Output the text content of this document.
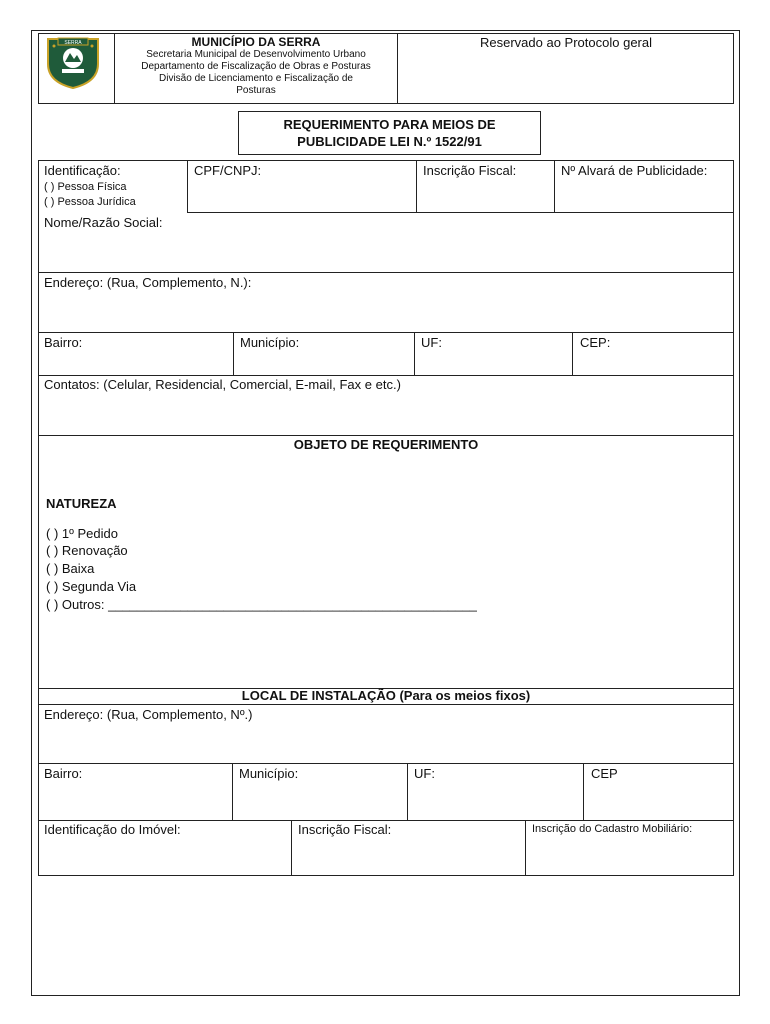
SERRA	MUNICÍPIO DA SERRA
Secretaria Municipal de Desenvolvimento Urbano
Departamento de Fiscalização de Obras e Posturas
Divisão de Licenciamento e Fiscalização de
Posturas
Reservado ao Protocolo geral
REQUERIMENTO PARA MEIOS DE
PUBLICIDADE LEI N.º 1522/91
Identificação:
( ) Pessoa Física
( ) Pessoa Jurídica
CPF/CNPJ:	Inscrição Fiscal:	Nº Alvará de Publicidade:
Nome/Razão Social:
Endereço: (Rua, Complemento, N.):
Bairro:	Município:	UF:	CEP:
Contatos: (Celular, Residencial, Comercial, E-mail, Fax e etc.)
OBJETO DE REQUERIMENTO
NATUREZA
( ) 1º Pedido
( ) Renovação
( ) Baixa
( ) Segunda Via
( ) Outros: ___________________________________________________
LOCAL DE INSTALAÇÃO (Para os meios fixos)
Endereço: (Rua, Complemento, Nº.)
Bairro:	Município:	UF:	CEP
Identificação do Imóvel:	Inscrição Fiscal:	Inscrição do Cadastro Mobiliário:
